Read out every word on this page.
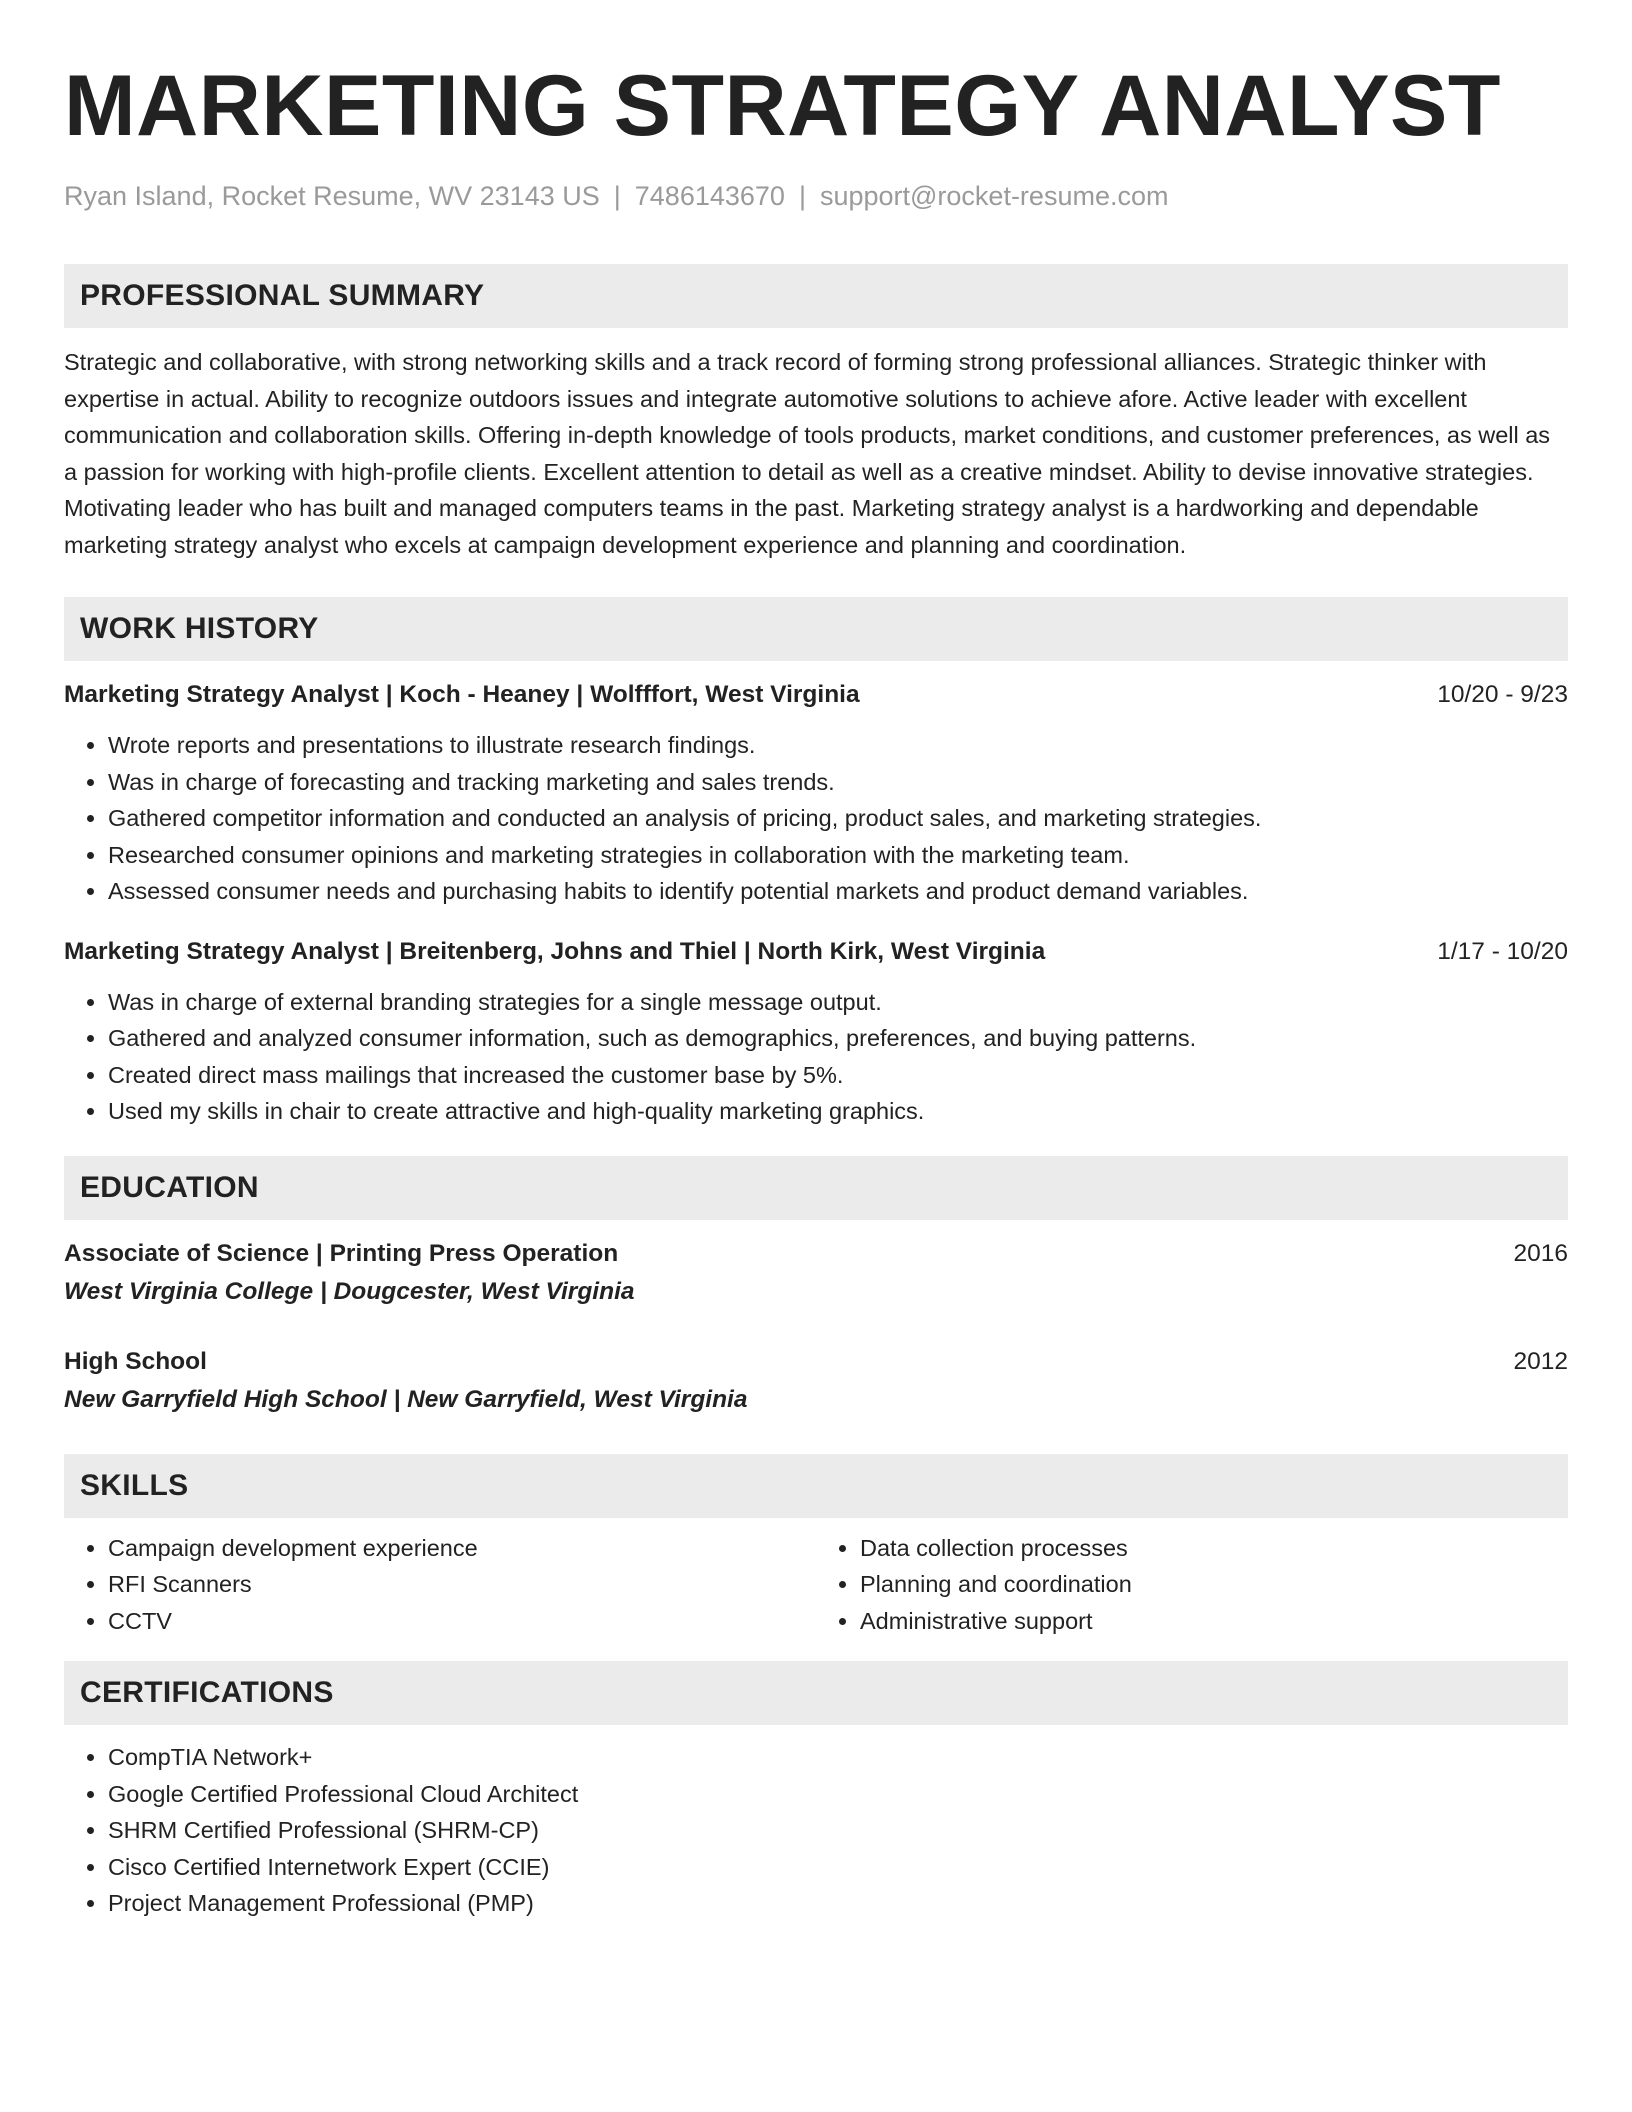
MARKETING STRATEGY ANALYST
Ryan Island, Rocket Resume, WV 23143 US | 7486143670 | support@rocket-resume.com
PROFESSIONAL SUMMARY

Strategic and collaborative, with strong networking skills and a track record of forming strong professional alliances. Strategic thinker with expertise in actual. Ability to recognize outdoors issues and integrate automotive solutions to achieve afore. Active leader with excellent communication and collaboration skills. Offering in-depth knowledge of tools products, market conditions, and customer preferences, as well as a passion for working with high-profile clients. Excellent attention to detail as well as a creative mindset. Ability to devise innovative strategies. Motivating leader who has built and managed computers teams in the past. Marketing strategy analyst is a hardworking and dependable marketing strategy analyst who excels at campaign development experience and planning and coordination.

WORK HISTORY
Marketing Strategy Analyst | Koch - Heaney | Wolfffort, West Virginia	10/20 - 9/23
• Wrote reports and presentations to illustrate research findings.
• Was in charge of forecasting and tracking marketing and sales trends.
• Gathered competitor information and conducted an analysis of pricing, product sales, and marketing strategies.
• Researched consumer opinions and marketing strategies in collaboration with the marketing team.
• Assessed consumer needs and purchasing habits to identify potential markets and product demand variables.
Marketing Strategy Analyst | Breitenberg, Johns and Thiel | North Kirk, West Virginia	1/17 - 10/20
• Was in charge of external branding strategies for a single message output.
• Gathered and analyzed consumer information, such as demographics, preferences, and buying patterns.
• Created direct mass mailings that increased the customer base by 5%.
• Used my skills in chair to create attractive and high-quality marketing graphics.
EDUCATION
Associate of Science | Printing Press Operation	2016
West Virginia College | Dougcester, West Virginia
High School	2012
New Garryfield High School | New Garryfield, West Virginia
SKILLS
• Campaign development experience
• RFI Scanners
• CCTV
• Data collection processes
• Planning and coordination
• Administrative support
CERTIFICATIONS
• CompTIA Network+
• Google Certified Professional Cloud Architect
• SHRM Certified Professional (SHRM-CP)
• Cisco Certified Internetwork Expert (CCIE)
• Project Management Professional (PMP)
